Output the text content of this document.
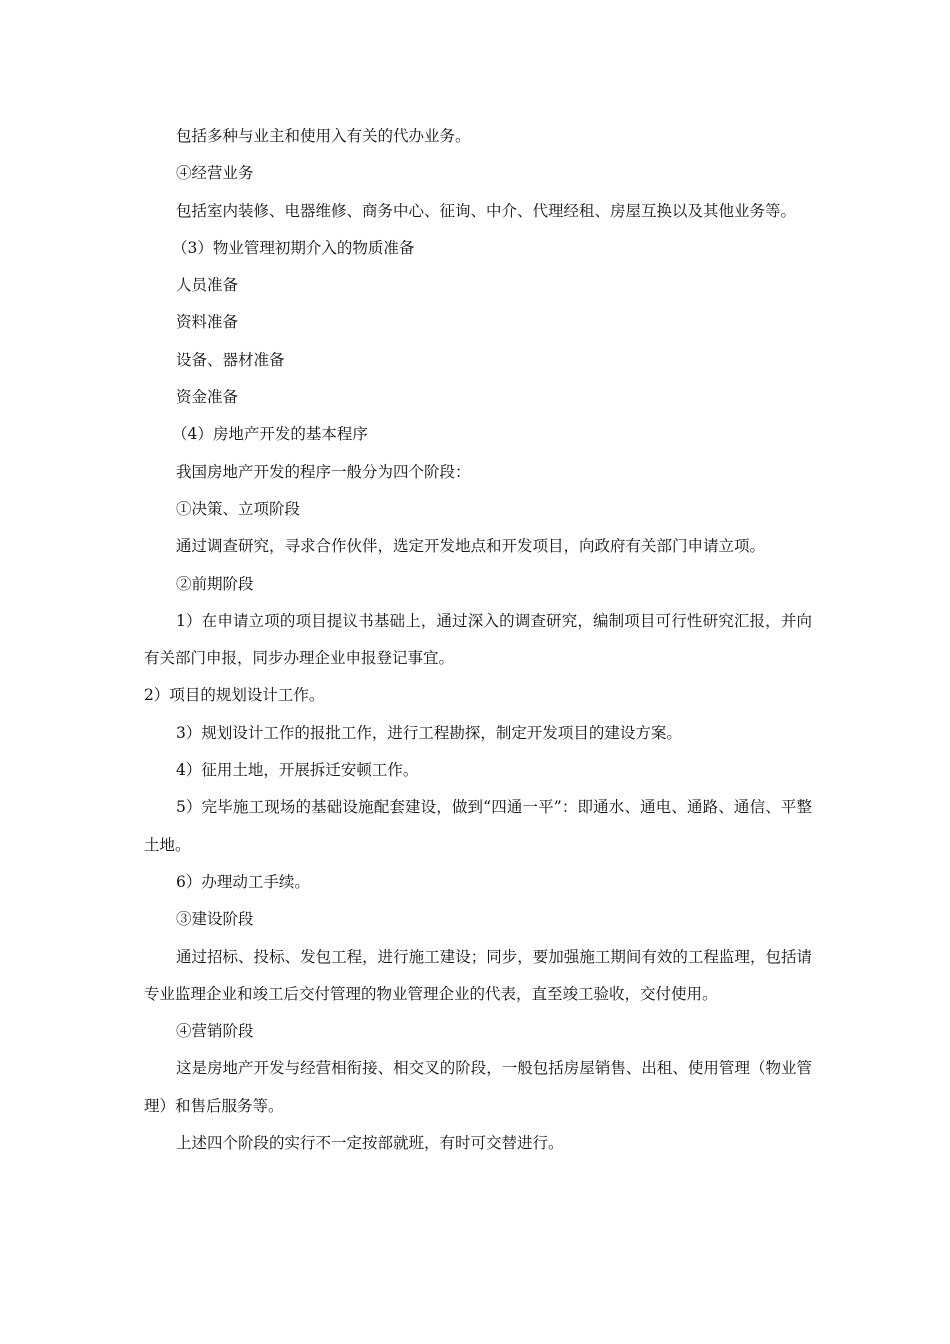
包括多种与业主和使用入有关的代办业务。

④经营业务

包括室内装修、电器维修、商务中心、征询、中介、代理经租、房屋互换以及其他业务等。

（3）物业管理初期介入的物质准备

人员准备

资料准备

设备、器材准备

资金准备

（4）房地产开发的基本程序

我国房地产开发的程序一般分为四个阶段：

①决策、立项阶段

通过调查研究，寻求合作伙伴，选定开发地点和开发项目，向政府有关部门申请立项。

②前期阶段

1）在申请立项的项目提议书基础上，通过深入的调查研究，编制项目可行性研究汇报，并向有关部门申报，同步办理企业申报登记事宜。

2）项目的规划设计工作。

3）规划设计工作的报批工作，进行工程勘探，制定开发项目的建设方案。

4）征用土地，开展拆迁安顿工作。

5）完毕施工现场的基础设施配套建设，做到“四通一平”：即通水、通电、通路、通信、平整土地。

6）办理动工手续。

③建设阶段

通过招标、投标、发包工程，进行施工建设；同步，要加强施工期间有效的工程监理，包括请专业监理企业和竣工后交付管理的物业管理企业的代表，直至竣工验收，交付使用。

④营销阶段

这是房地产开发与经营相衔接、相交叉的阶段，一般包括房屋销售、出租、使用管理（物业管理）和售后服务等。

上述四个阶段的实行不一定按部就班，有时可交替进行。
